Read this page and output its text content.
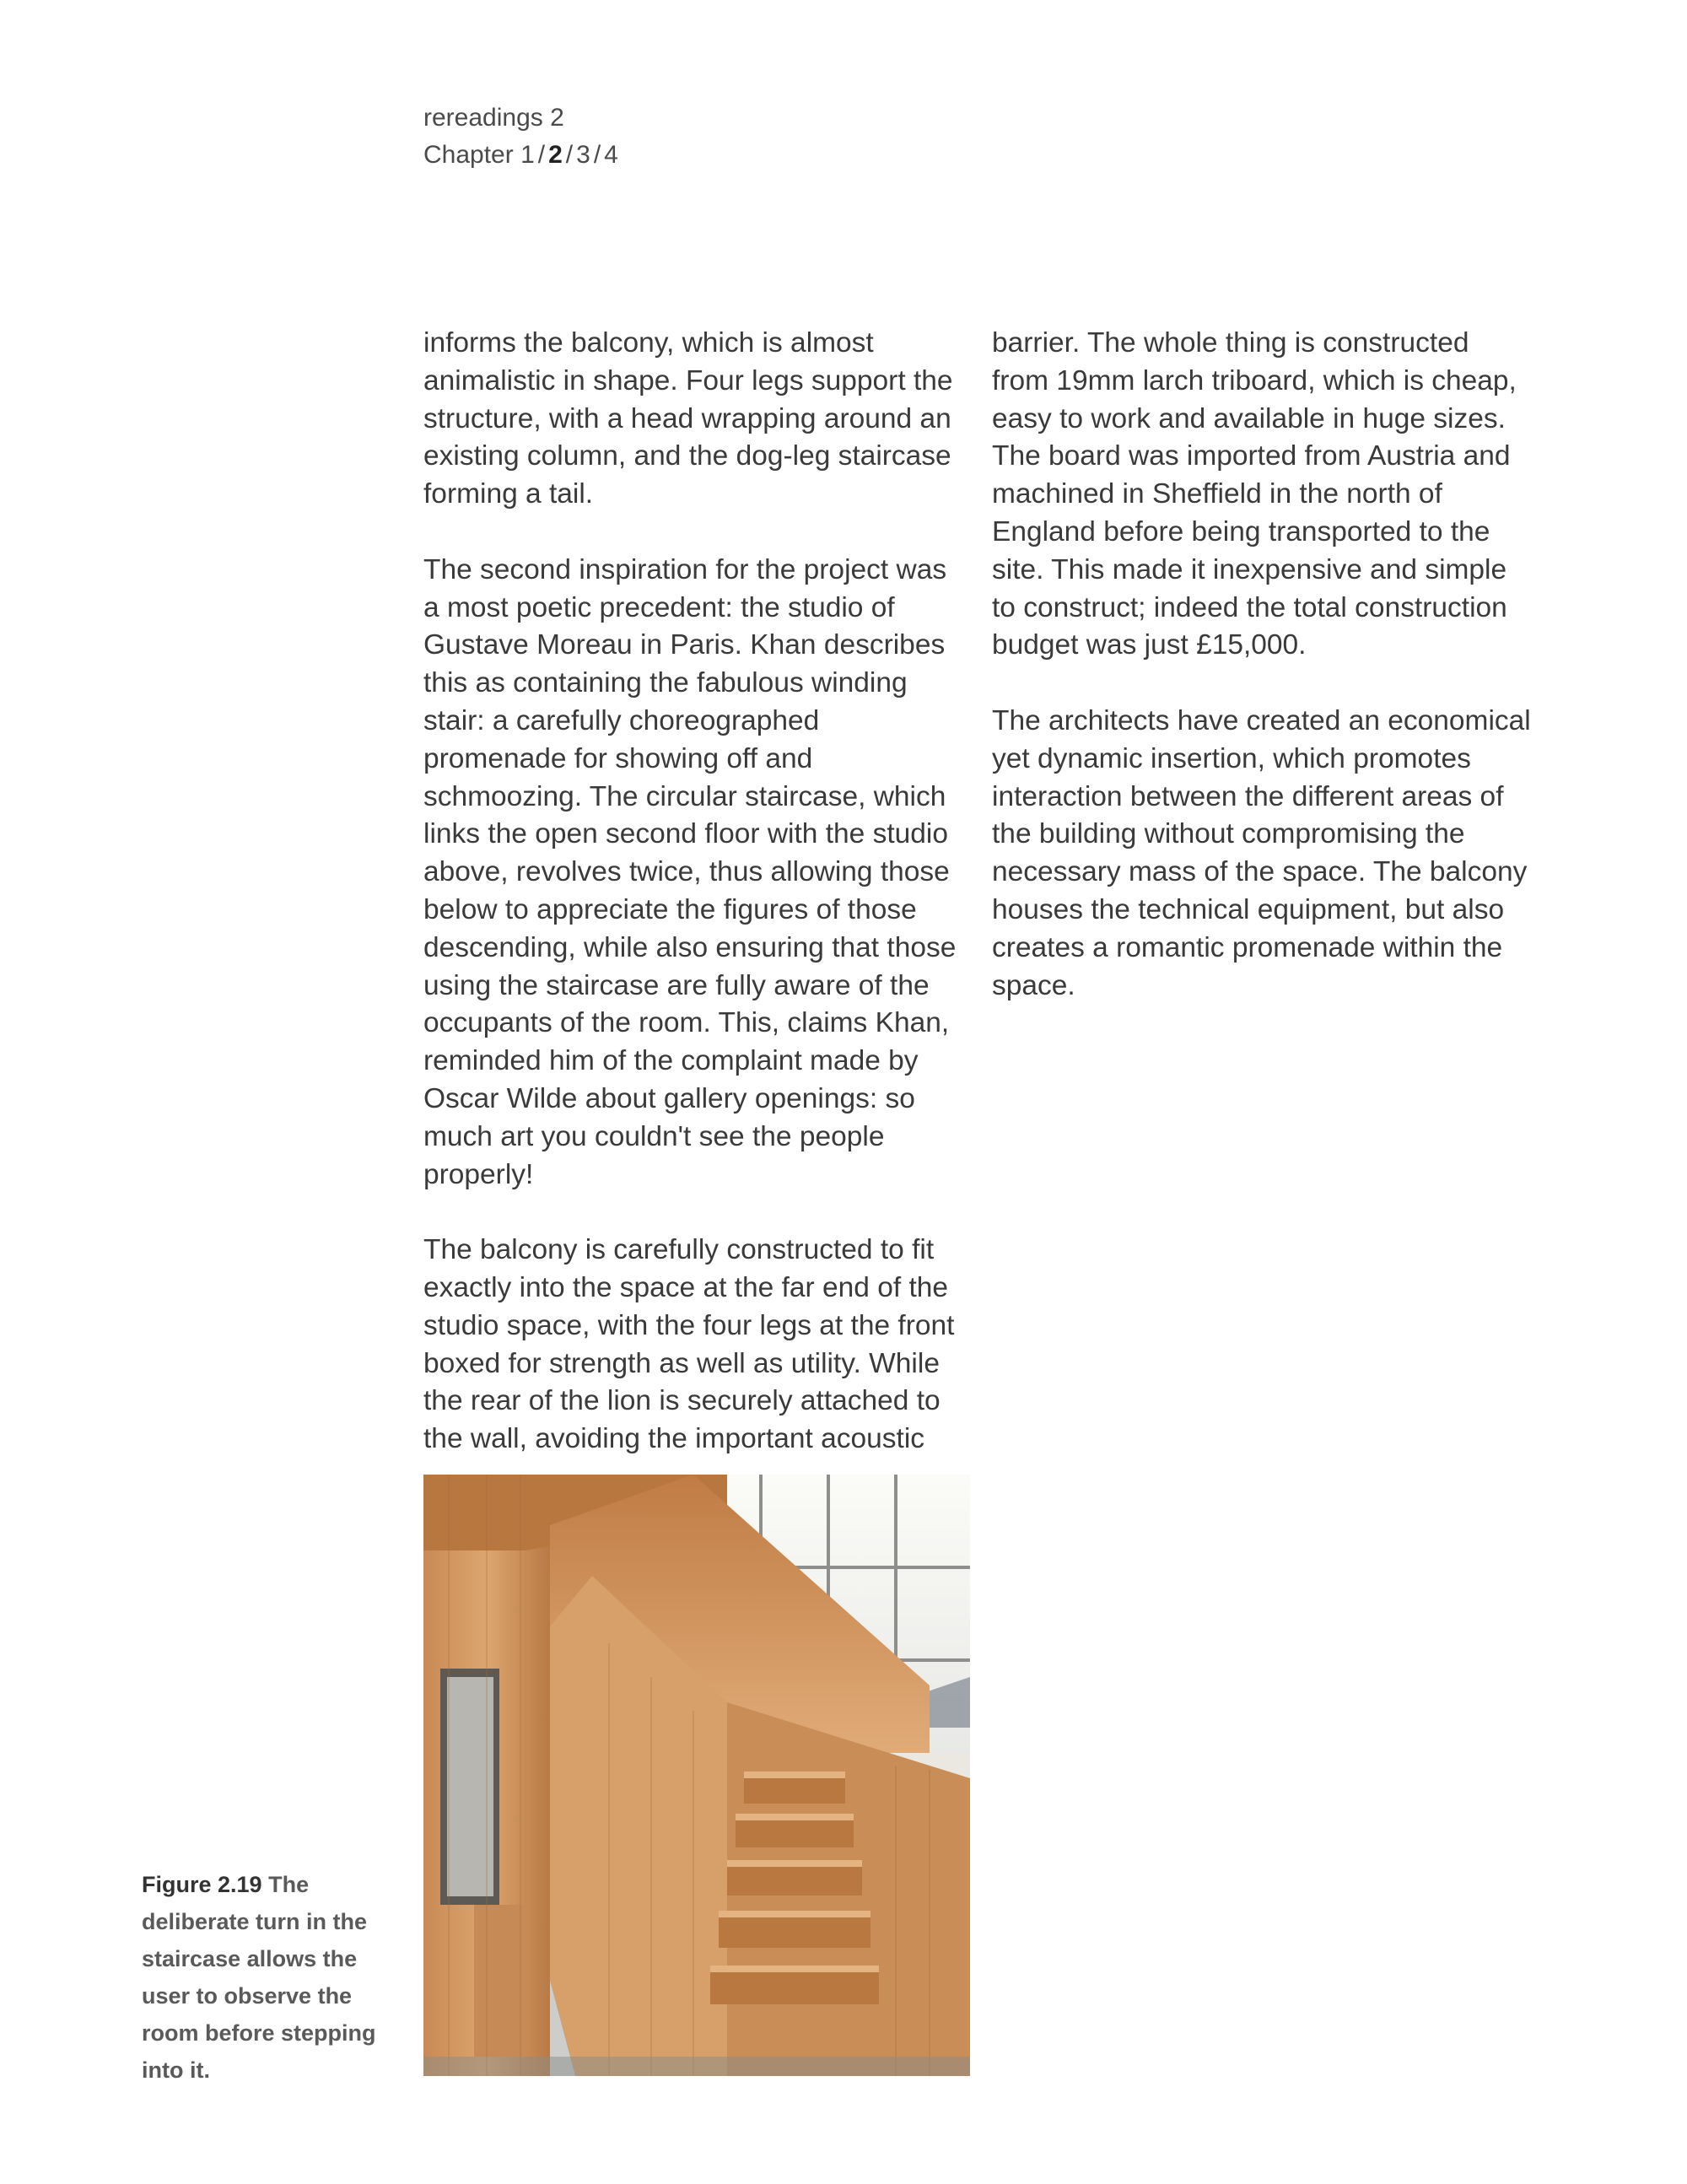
rereadings 2
Chapter 1 / 2 / 3 / 4

informs the balcony, which is almost animalistic in shape. Four legs support the structure, with a head wrapping around an existing column, and the dog-leg staircase forming a tail.

The second inspiration for the project was a most poetic precedent: the studio of Gustave Moreau in Paris. Khan describes this as containing the fabulous winding stair: a carefully choreographed promenade for showing off and schmoozing. The circular staircase, which links the open second floor with the studio above, revolves twice, thus allowing those below to appreciate the figures of those descending, while also ensuring that those using the staircase are fully aware of the occupants of the room. This, claims Khan, reminded him of the complaint made by Oscar Wilde about gallery openings: so much art you couldn't see the people properly!

The balcony is carefully constructed to fit exactly into the space at the far end of the studio space, with the four legs at the front boxed for strength as well as utility. While the rear of the lion is securely attached to the wall, avoiding the important acoustic

barrier. The whole thing is constructed from 19mm larch triboard, which is cheap, easy to work and available in huge sizes. The board was imported from Austria and machined in Sheffield in the north of England before being transported to the site. This made it inexpensive and simple to construct; indeed the total construction budget was just £15,000.

The architects have created an economical yet dynamic insertion, which promotes interaction between the different areas of the building without compromising the necessary mass of the space. The balcony houses the technical equipment, but also creates a romantic promenade within the space.

Figure 2.19 The deliberate turn in the staircase allows the user to observe the room before stepping into it.
